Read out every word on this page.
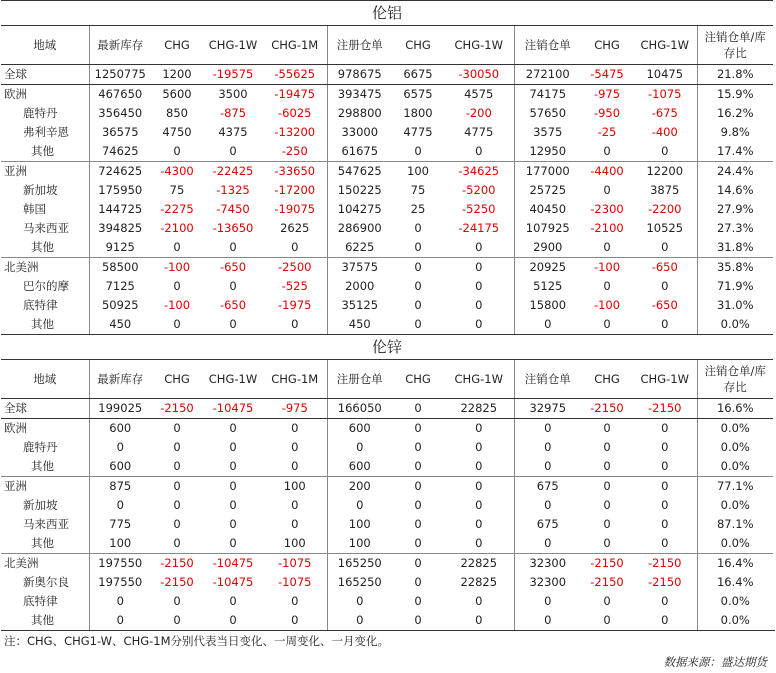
伦铝											
地域	最新库存	CHG	CHG-1W	CHG-1M	注册仓单	CHG	CHG-1W	注销仓单	CHG	CHG-1W	注销仓单/库存比
全球	1250775	1200	-19575	-55625	978675	6675	-30050	272100	-5475	10475	21.8%
欧洲	467650	5600	3500	-19475	393475	6575	4575	74175	-975	-1075	15.9%
鹿特丹	356450	850	-875	-6025	298800	1800	-200	57650	-950	-675	16.2%
弗利辛恩	36575	4750	4375	-13200	33000	4775	4775	3575	-25	-400	9.8%
其他	74625	0	0	-250	61675	0	0	12950	0	0	17.4%
亚洲	724625	-4300	-22425	-33650	547625	100	-34625	177000	-4400	12200	24.4%
新加坡	175950	75	-1325	-17200	150225	75	-5200	25725	0	3875	14.6%
韩国	144725	-2275	-7450	-19075	104275	25	-5250	40450	-2300	-2200	27.9%
马来西亚	394825	-2100	-13650	2625	286900	0	-24175	107925	-2100	10525	27.3%
其他	9125	0	0	0	6225	0	0	2900	0	0	31.8%
北美洲	58500	-100	-650	-2500	37575	0	0	20925	-100	-650	35.8%
巴尔的摩	7125	0	0	-525	2000	0	0	5125	0	0	71.9%
底特律	50925	-100	-650	-1975	35125	0	0	15800	-100	-650	31.0%
其他	450	0	0	0	450	0	0	0	0	0	0.0%
伦锌											
地域	最新库存	CHG	CHG-1W	CHG-1M	注册仓单	CHG	CHG-1W	注销仓单	CHG	CHG-1W	注销仓单/库存比
全球	199025	-2150	-10475	-975	166050	0	22825	32975	-2150	-2150	16.6%
欧洲	600	0	0	0	600	0	0	0	0	0	0.0%
鹿特丹	0	0	0	0	0	0	0	0	0	0	0.0%
其他	600	0	0	0	600	0	0	0	0	0	0.0%
亚洲	875	0	0	100	200	0	0	675	0	0	77.1%
新加坡	0	0	0	0	0	0	0	0	0	0	0.0%
马来西亚	775	0	0	0	100	0	0	675	0	0	87.1%
其他	100	0	0	100	100	0	0	0	0	0	0.0%
北美洲	197550	-2150	-10475	-1075	165250	0	22825	32300	-2150	-2150	16.4%
新奥尔良	197550	-2150	-10475	-1075	165250	0	22825	32300	-2150	-2150	16.4%
底特律	0	0	0	0	0	0	0	0	0	0	0.0%
其他	0	0	0	0	0	0	0	0	0	0	0.0%
注：CHG、CHG1-W、CHG-1M分别代表当日变化、一周变化、一月变化。
数据来源：盛达期货
